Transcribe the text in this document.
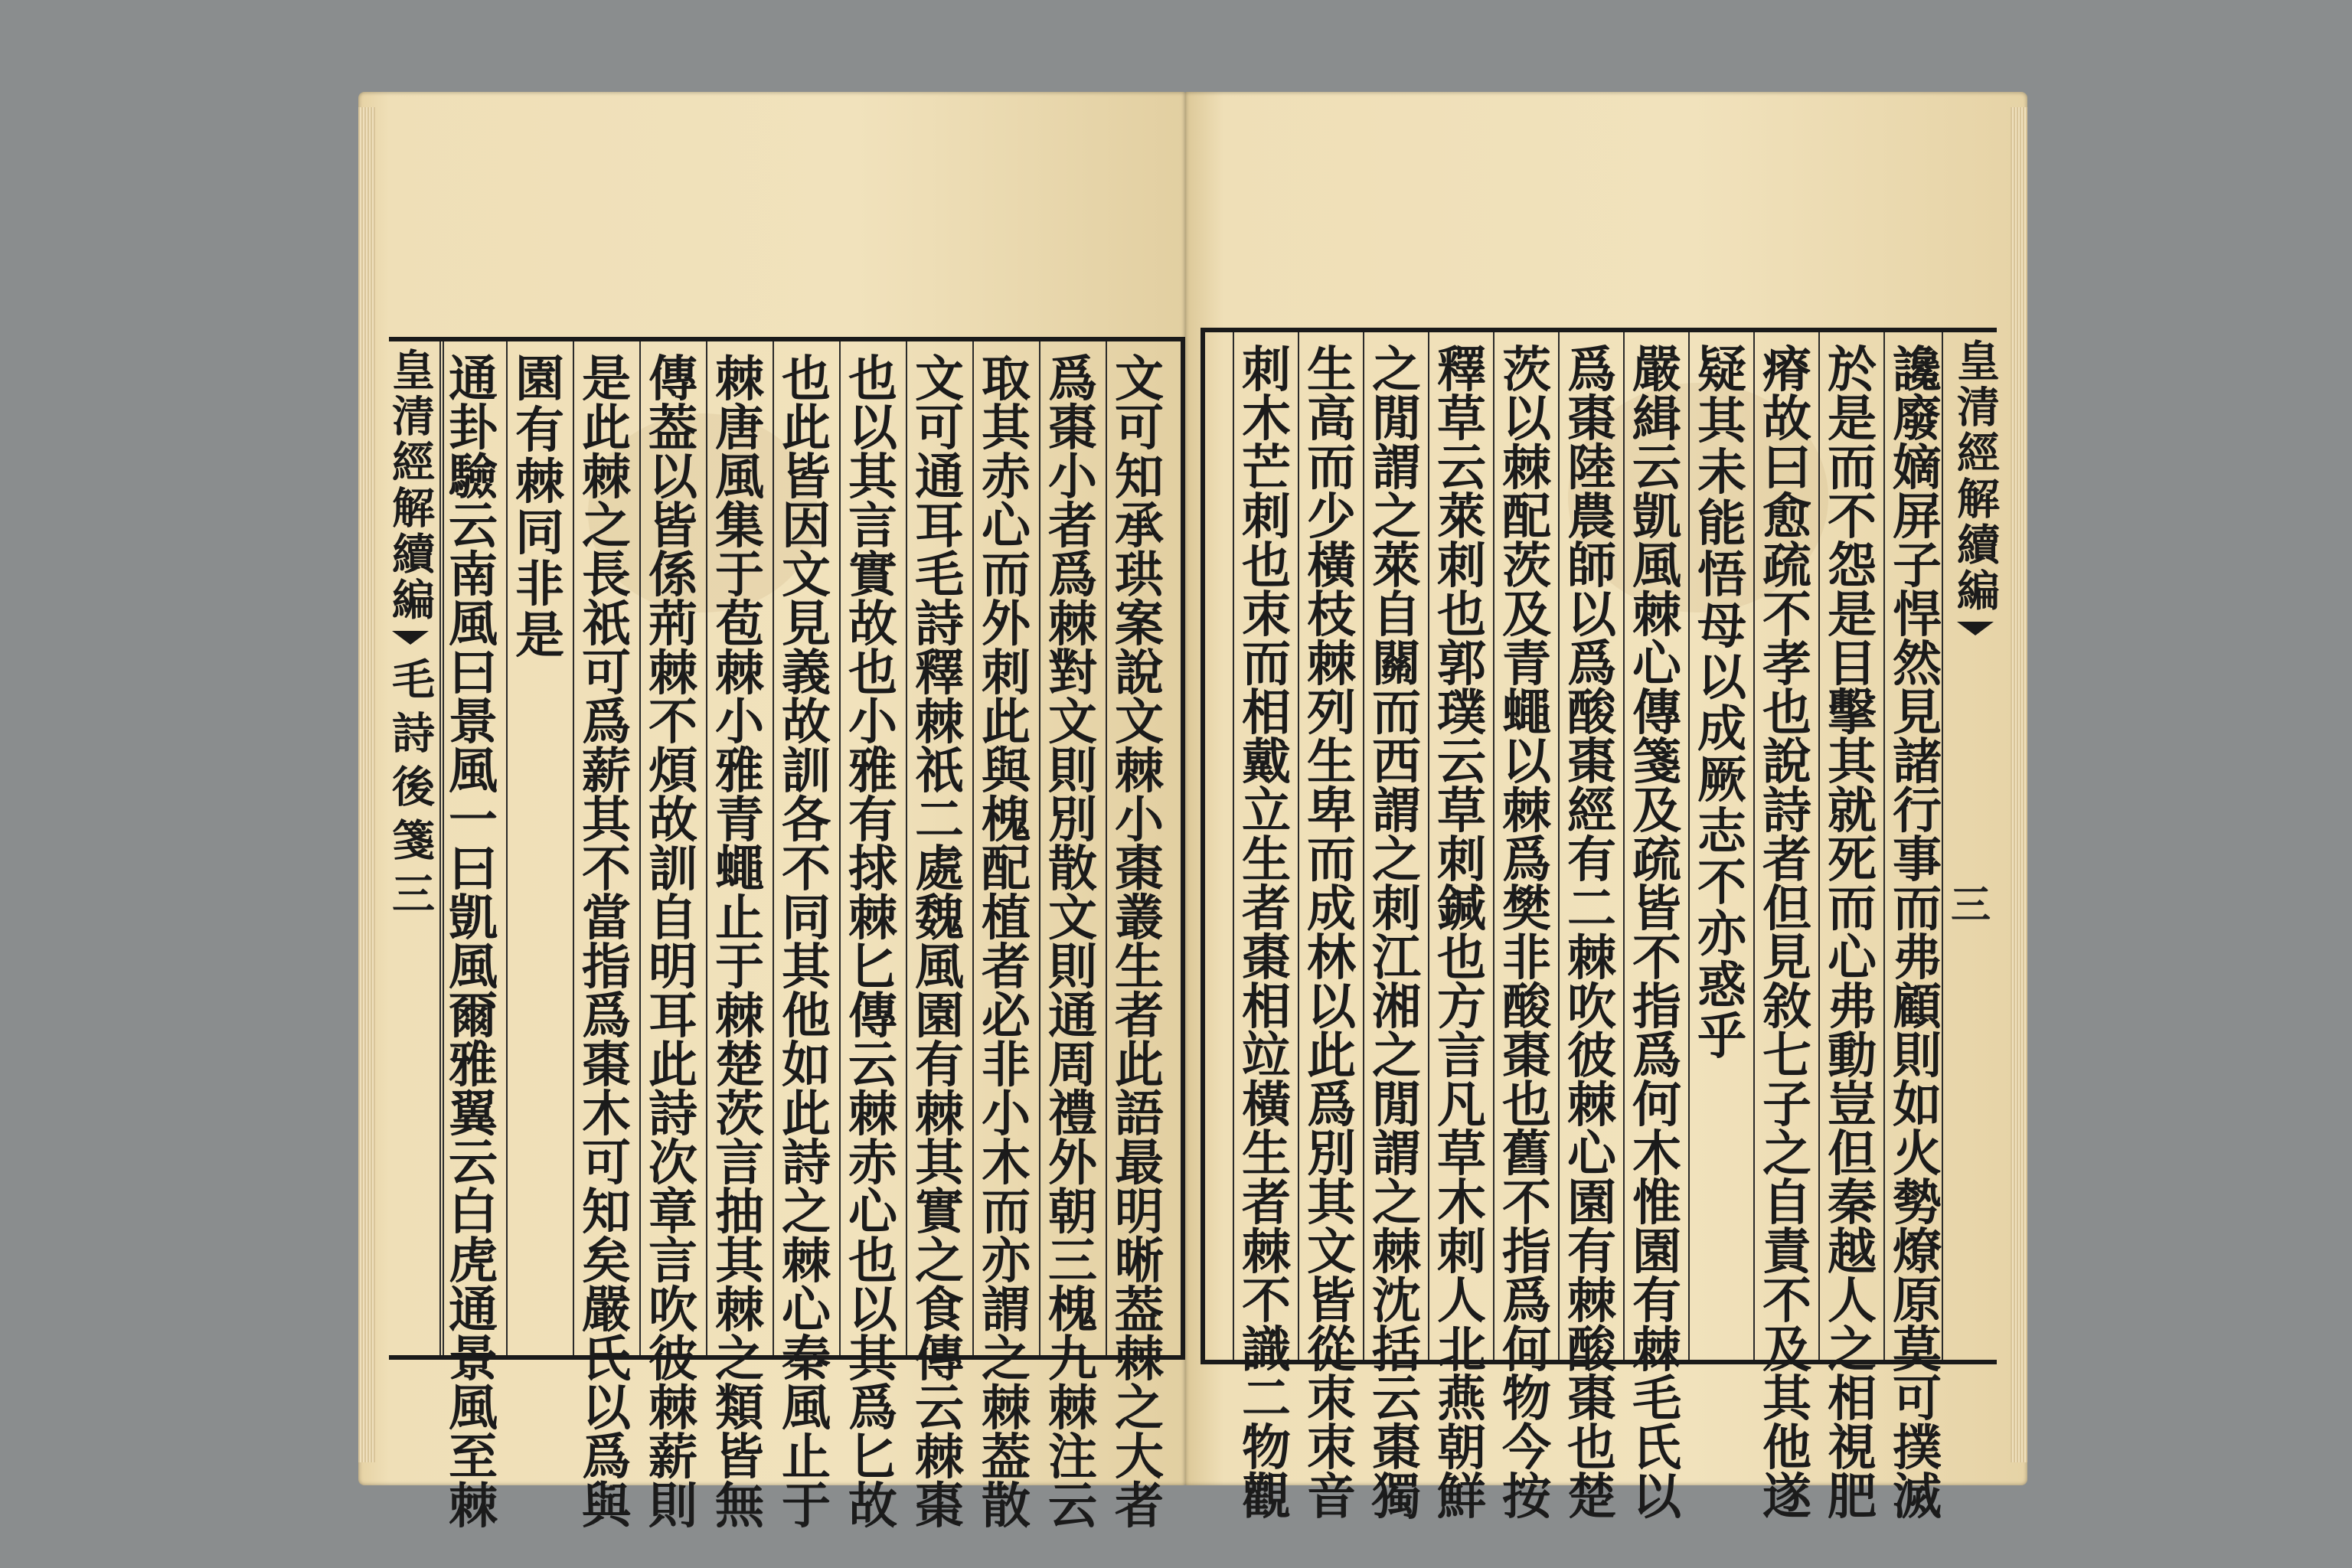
皇清經解續編
毛詩後箋三
文
可
知
承
珙
案
說
文
棘
小
棗
叢
生
者
此
語
最
明
晰
葢
棘
之
大
者
爲
棗
小
者
爲
棘
對
文
則
別
散
文
則
通
周
禮
外
朝
三
槐
九
棘
注
云
取
其
赤
心
而
外
刺
此
與
槐
配
植
者
必
非
小
木
而
亦
謂
之
棘
葢
散
文
可
通
耳
毛
詩
釋
棘
祇
二
處
魏
風
園
有
棘
其
實
之
食
傳
云
棘
棗
也
以
其
言
實
故
也
小
雅
有
捄
棘
匕
傳
云
棘
赤
心
也
以
其
爲
匕
故
也
此
皆
因
文
見
義
故
訓
各
不
同
其
他
如
此
詩
之
棘
心
秦
風
止
于
棘
唐
風
集
于
苞
棘
小
雅
青
蠅
止
于
棘
楚
茨
言
抽
其
棘
之
類
皆
無
傳
葢
以
皆
係
荊
棘
不
煩
故
訓
自
明
耳
此
詩
次
章
言
吹
彼
棘
薪
則
是
此
棘
之
長
祇
可
爲
薪
其
不
當
指
爲
棗
木
可
知
矣
嚴
氏
以
爲
與
園
有
棘
同
非
是
通
卦
驗
云
南
風
曰
景
風
一
曰
凱
風
爾
雅
翼
云
白
虎
通
景
風
至
棘
讒
廢
嫡
屏
子
悍
然
見
諸
行
事
而
弗
顧
則
如
火
勢
燎
原
莫
可
撲
滅
於
是
而
不
怨
是
目
擊
其
就
死
而
心
弗
動
豈
但
秦
越
人
之
相
視
肥
瘠
故
曰
愈
疏
不
孝
也
說
詩
者
但
見
敘
七
子
之
自
責
不
及
其
他
遂
疑
其
未
能
悟
母
以
成
厥
志
不
亦
惑
乎
嚴
緝
云
凱
風
棘
心
傳
箋
及
疏
皆
不
指
爲
何
木
惟
園
有
棘
毛
氏
以
爲
棗
陸
農
師
以
爲
酸
棗
經
有
二
棘
吹
彼
棘
心
園
有
棘
酸
棗
也
楚
茨
以
棘
配
茨
及
青
蠅
以
棘
爲
樊
非
酸
棗
也
舊
不
指
爲
何
物
今
按
釋
草
云
萊
刺
也
郭
璞
云
草
刺
鍼
也
方
言
凡
草
木
刺
人
北
燕
朝
鮮
之
閒
謂
之
萊
自
關
而
西
謂
之
刺
江
湘
之
閒
謂
之
棘
沈
括
云
棗
獨
生
高
而
少
橫
枝
棘
列
生
卑
而
成
林
以
此
爲
別
其
文
皆
從
朿
朿
音
刺
木
芒
刺
也
朿
而
相
戴
立
生
者
棗
相
竝
橫
生
者
棘
不
識
二
物
觀
皇清經解續編
三
